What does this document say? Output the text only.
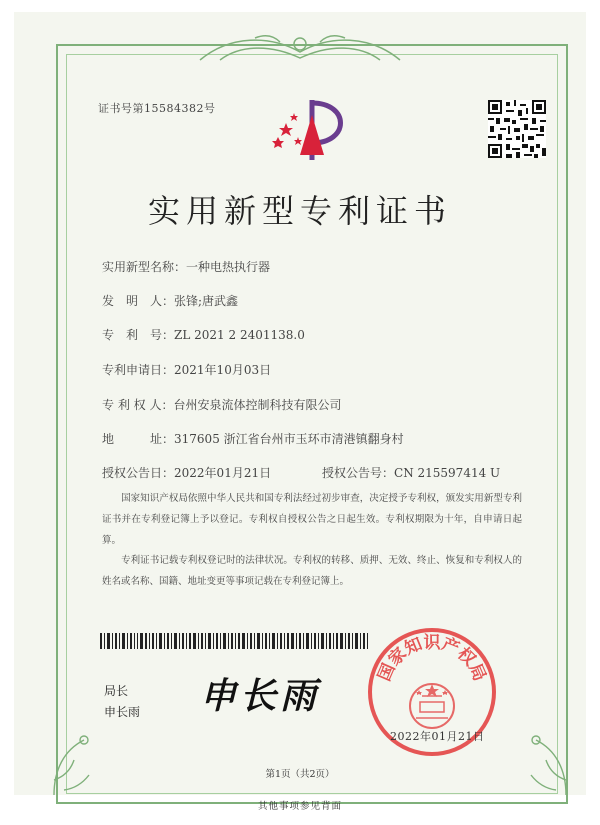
证书号第15584382号
实用新型专利证书
实用新型名称：一种电热执行器
发　明　人：张锋;唐武鑫
专　利　号：ZL 2021 2 2401138.0
专利申请日：2021年10月03日
专 利 权 人：台州安泉流体控制科技有限公司
地　　　址：317605 浙江省台州市玉环市清港镇翻身村
授权公告日：2022年01月21日	授权公告号：CN 215597414 U
　　国家知识产权局依照中华人民共和国专利法经过初步审查，决定授予专利权，颁发实用新型专利证书并在专利登记簿上予以登记。专利权自授权公告之日起生效。专利权期限为十年，自申请日起算。
　　专利证书记载专利权登记时的法律状况。专利权的转移、质押、无效、终止、恢复和专利权人的姓名或名称、国籍、地址变更等事项记载在专利登记簿上。
局长
申长雨 申长雨
国家知识产权局
2022年01月21日
第1页（共2页）
其他事项参见背面
